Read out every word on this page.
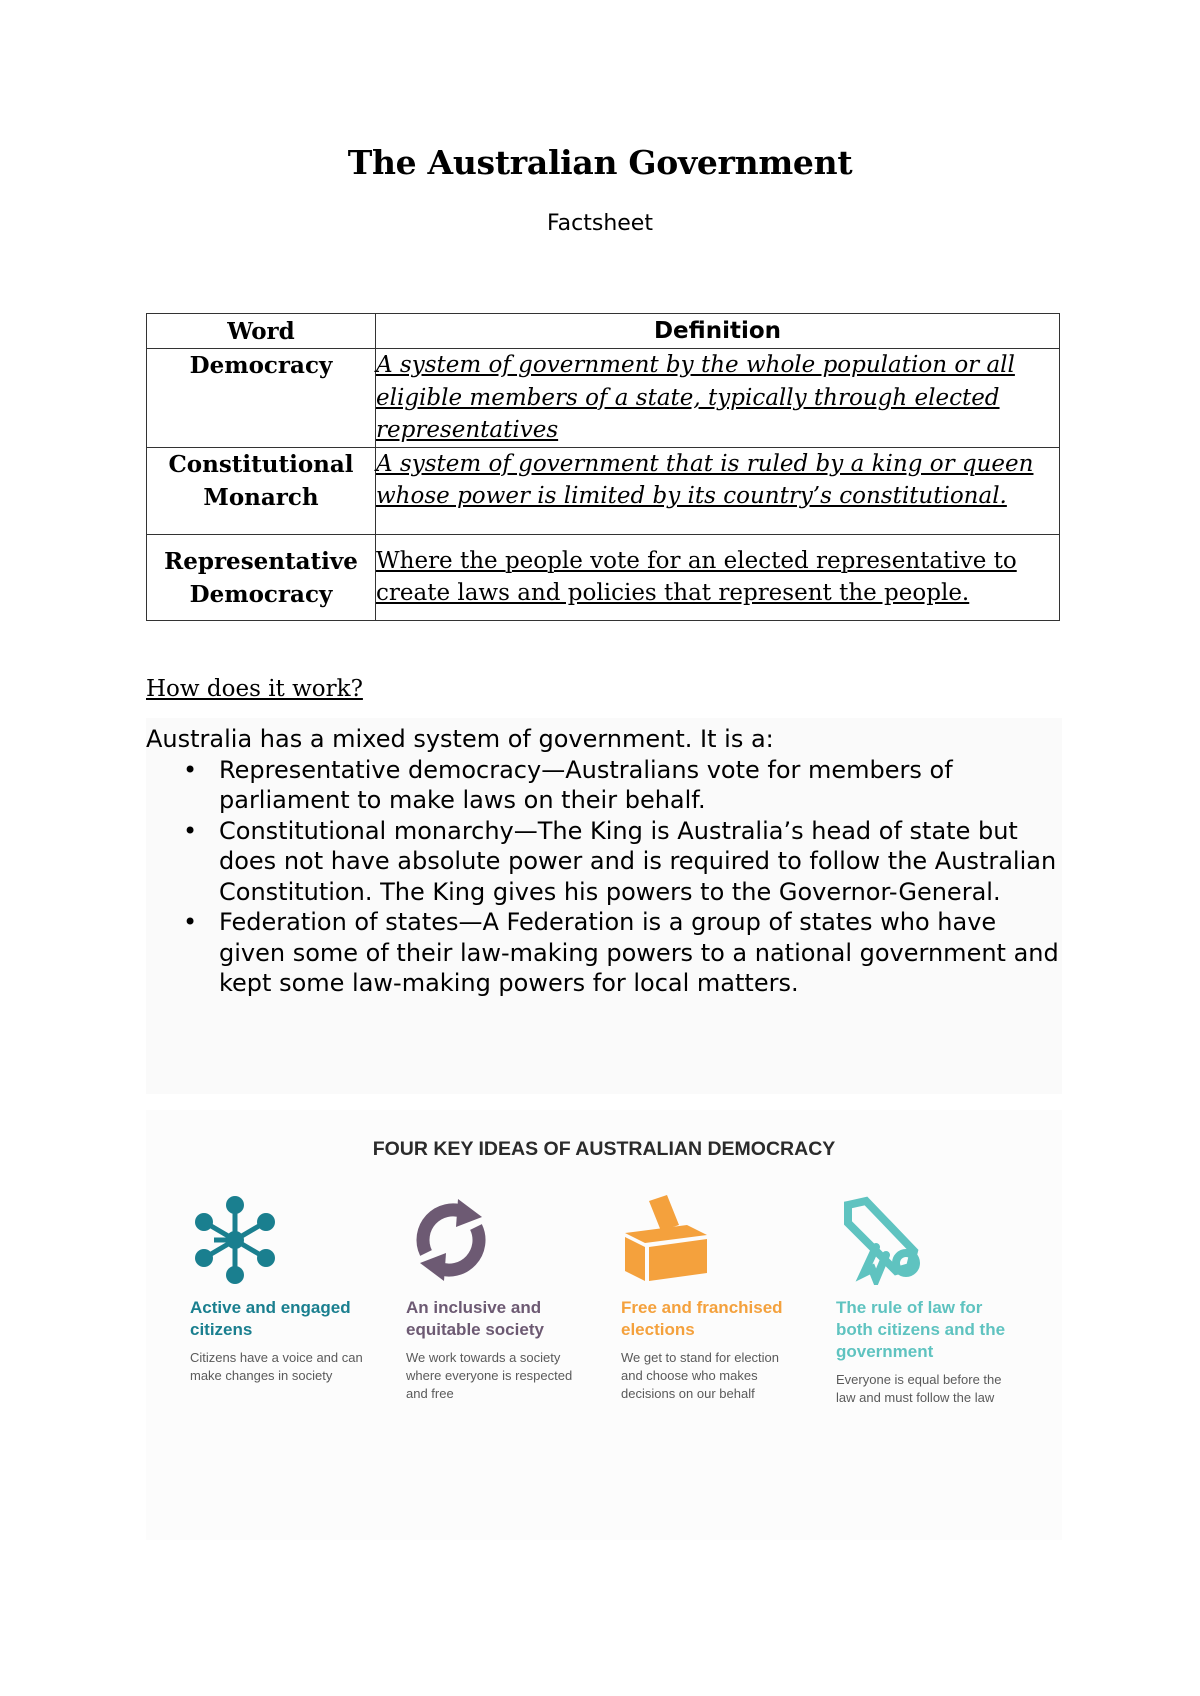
The Australian Government
Factsheet
Word	Definition
Democracy	A system of government by the whole population or all eligible members of a state, typically through elected representatives
Constitutional Monarch	A system of government that is ruled by a king or queen whose power is limited by its country’s constitutional.
Representative Democracy	Where the people vote for an elected representative to create laws and policies that represent the people.
How does it work?

Australia has a mixed system of government. It is a:

• Representative democracy—Australians vote for members of parliament to make laws on their behalf.
• Constitutional monarchy—The King is Australia’s head of state but does not have absolute power and is required to follow the Australian Constitution. The King gives his powers to the Governor-General.
• Federation of states—A Federation is a group of states who have given some of their law-making powers to a national government and kept some law-making powers for local matters.
FOUR KEY IDEAS OF AUSTRALIAN DEMOCRACY
Active and engaged citizens
Citizens have a voice and can make changes in society
An inclusive and equitable society
We work towards a society where everyone is respected and free
Free and franchised elections
We get to stand for election and choose who makes decisions on our behalf
The rule of law for both citizens and the government
Everyone is equal before the law and must follow the law
